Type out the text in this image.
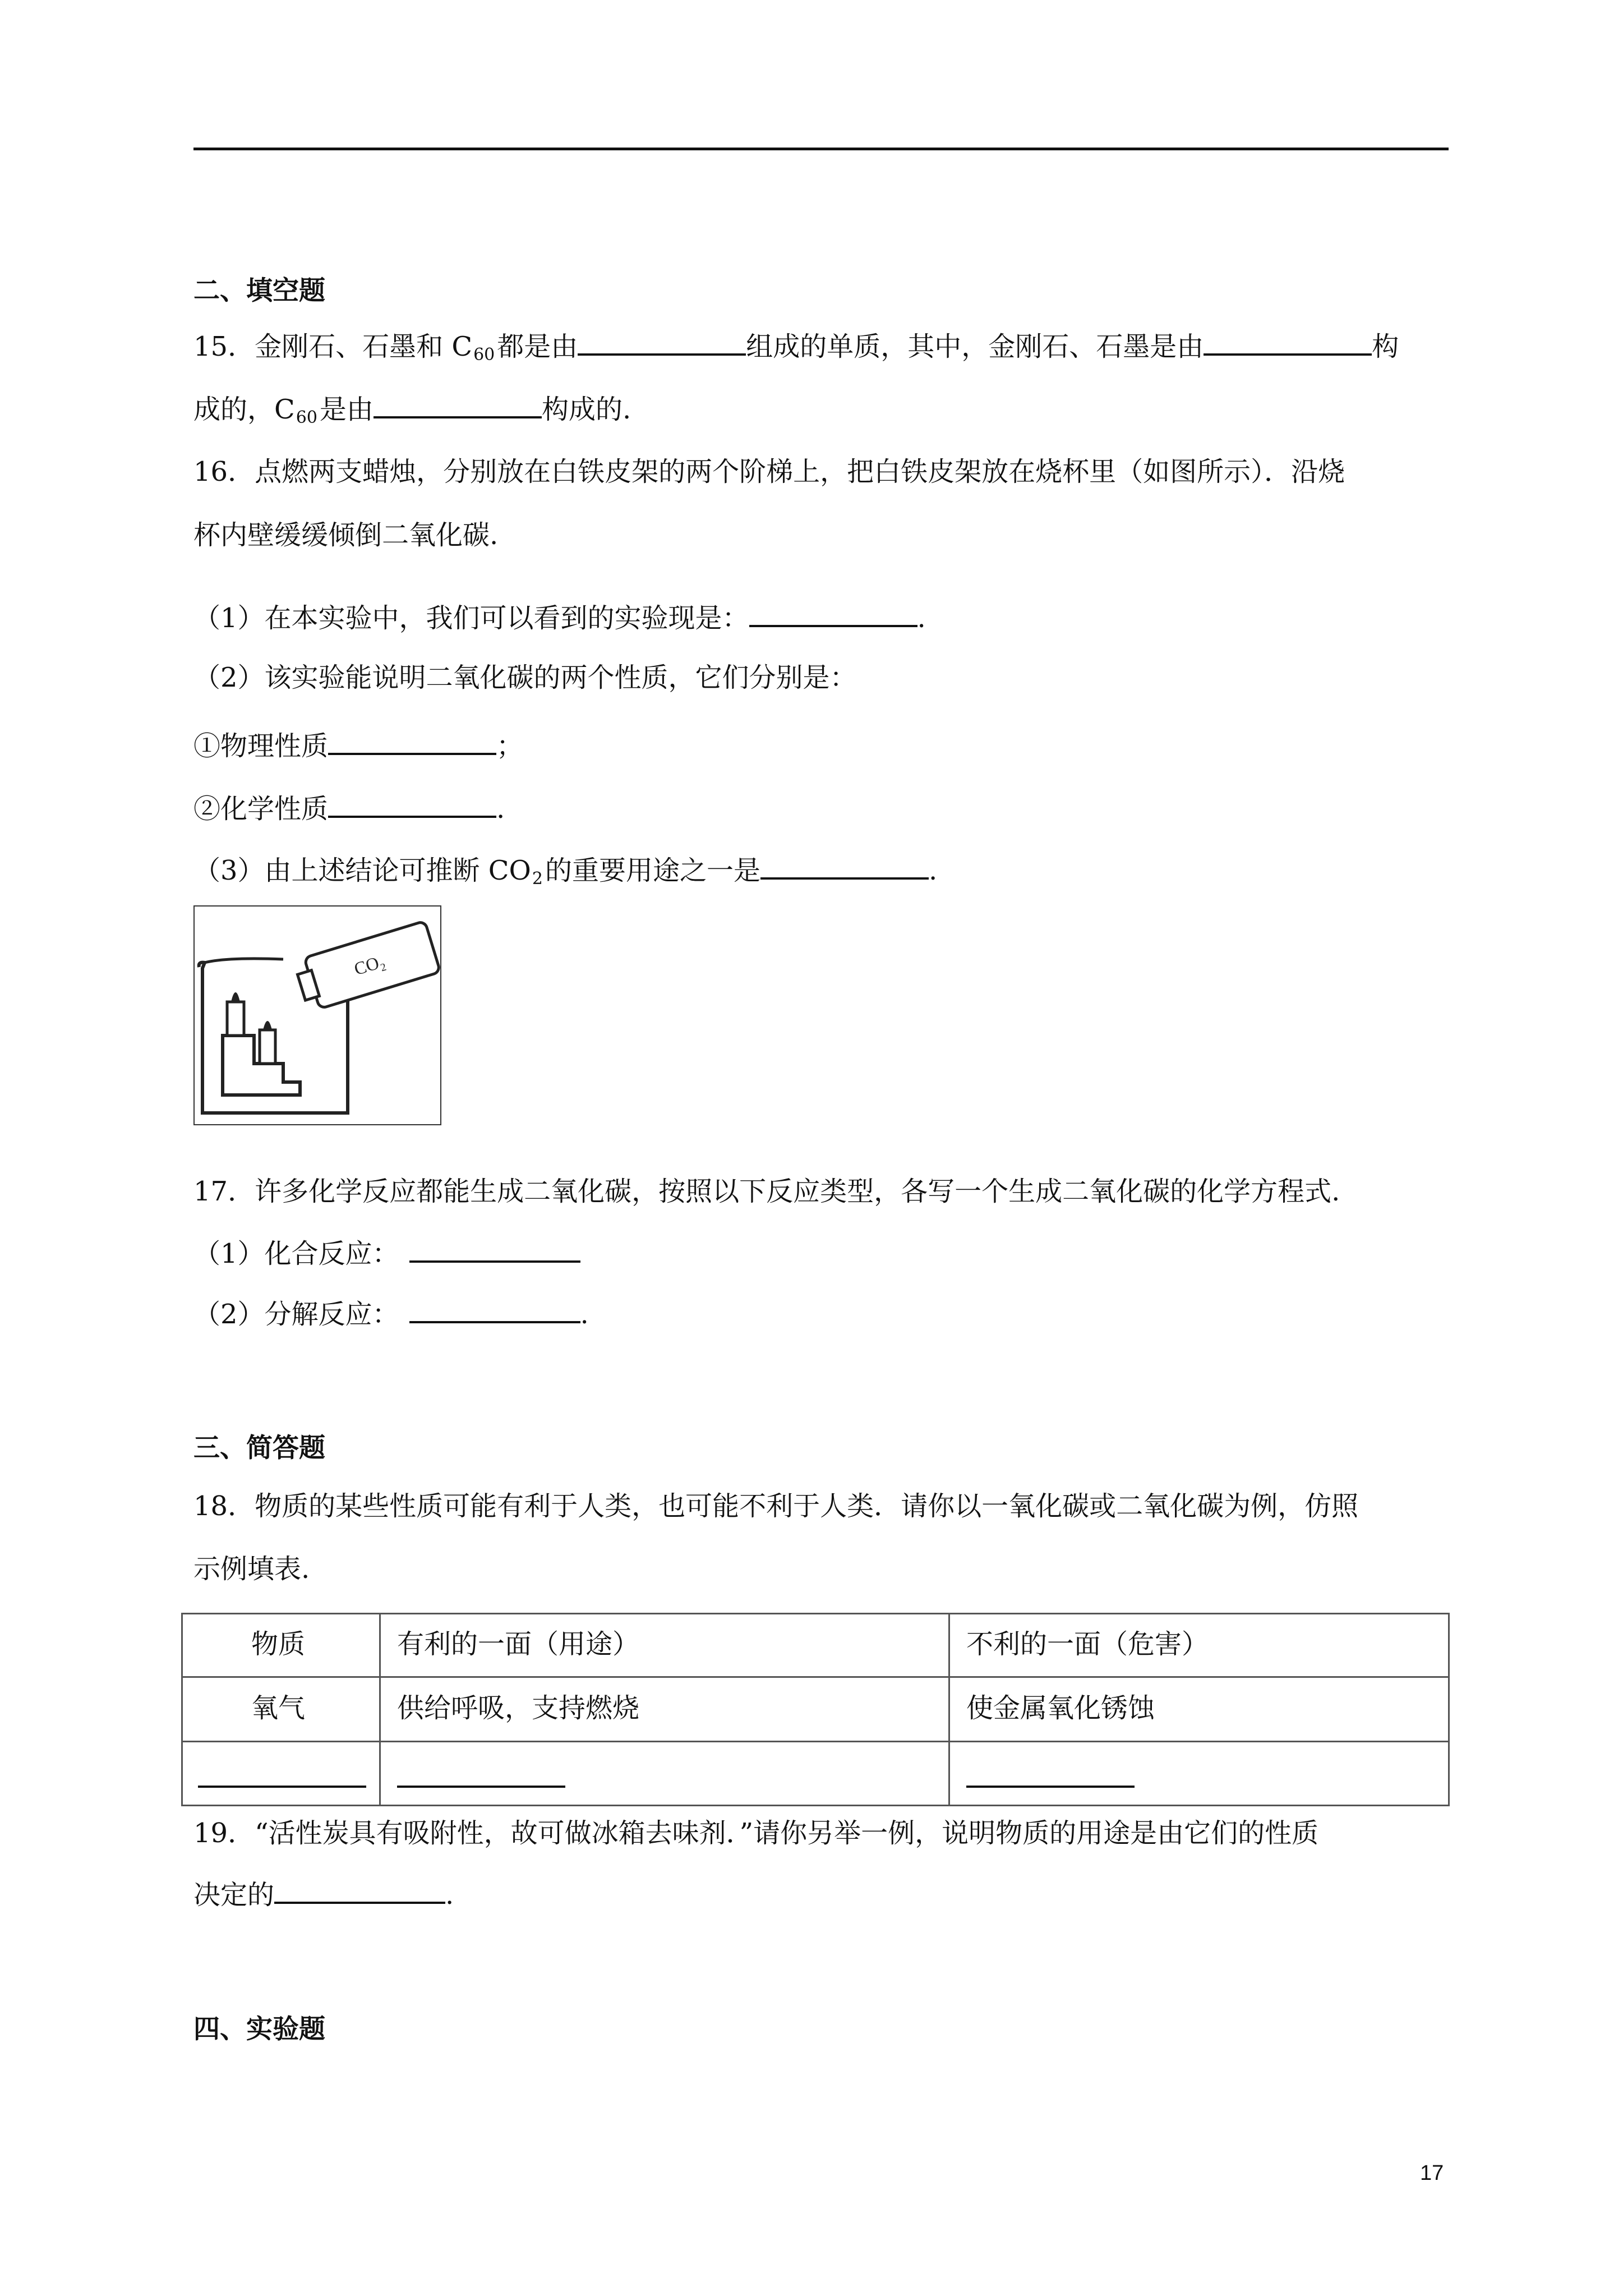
二、填空题
15．金刚石、石墨和 $C_{60}$都是由	组成的单质，其中，金刚石、石墨是由	构
成的，$C_{60}$是由	构成的.
16．点燃两支蜡烛，分别放在白铁皮架的两个阶梯上，把白铁皮架放在烧杯里（如图所示）．沿烧
杯内壁缓缓倾倒二氧化碳.
（1）在本实验中，我们可以看到的实验现是：	.
（2）该实验能说明二氧化碳的两个性质，它们分别是：
①物理性质	；
②化学性质	.
（3）由上述结论可推断 $CO_2$的重要用途之一是	.
CO₂
17．许多化学反应都能生成二氧化碳，按照以下反应类型，各写一个生成二氧化碳的化学方程式.
（1）化合反应：
（2）分解反应：	.
三、简答题
18．物质的某些性质可能有利于人类，也可能不利于人类．请你以一氧化碳或二氧化碳为例，仿照
示例填表.
物质	有利的一面（用途）	不利的一面（危害）
氧气	供给呼吸，支持燃烧	使金属氧化锈蚀
19．“活性炭具有吸附性，故可做冰箱去味剂．”请你另举一例，说明物质的用途是由它们的性质
决定的	.
四、实验题
17
